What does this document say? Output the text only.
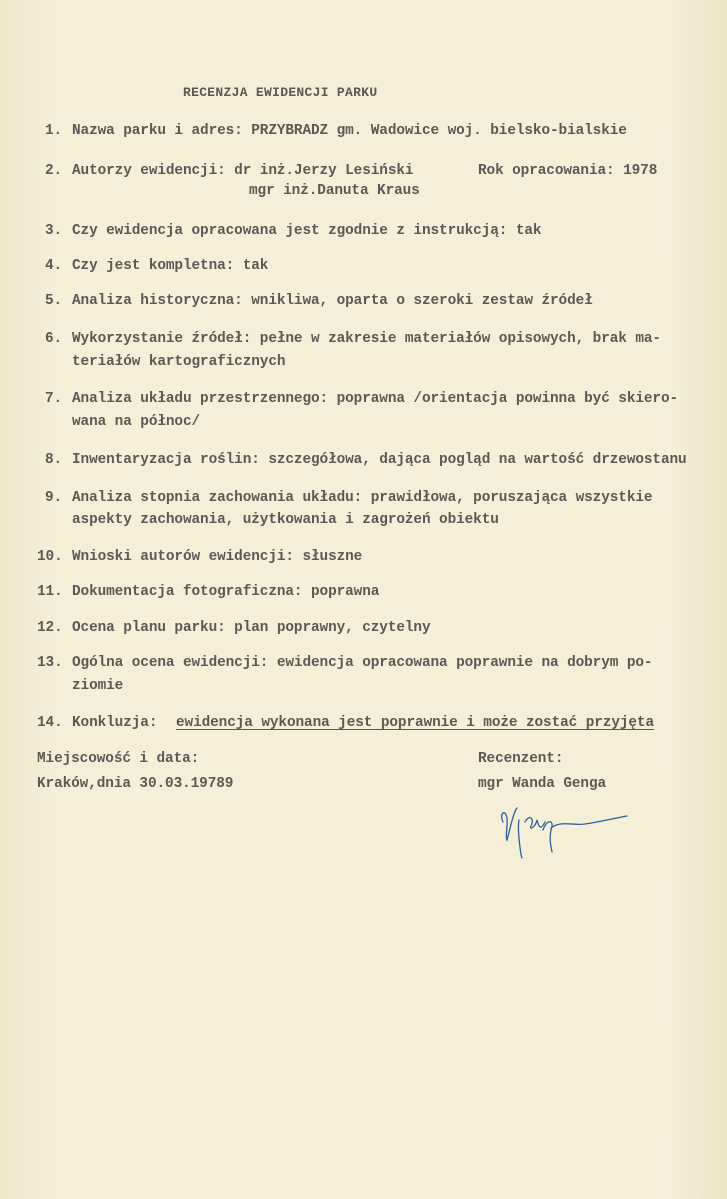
RECENZJA EWIDENCJI PARKU
1. Nazwa parku i adres: PRZYBRADZ gm. Wadowice woj. bielsko-bialskie
2. Autorzy ewidencji: dr inż.Jerzy Lesiński
mgr inż.Danuta Kraus
Rok opracowania: 1978
3. Czy ewidencja opracowana jest zgodnie z instrukcją: tak
4. Czy jest kompletna: tak
5. Analiza historyczna: wnikliwa, oparta o szeroki zestaw źródeł
6. Wykorzystanie źródeł: pełne w zakresie materiałów opisowych, brak ma-
teriałów kartograficznych
7. Analiza układu przestrzennego: poprawna /orientacja powinna być skiero-
wana na północ/
8. Inwentaryzacja roślin: szczegółowa, dająca pogląd na wartość drzewostanu
9. Analiza stopnia zachowania układu: prawidłowa, poruszająca wszystkie
aspekty zachowania, użytkowania i zagrożeń obiektu
10. Wnioski autorów ewidencji: słuszne
11. Dokumentacja fotograficzna: poprawna
12. Ocena planu parku: plan poprawny, czytelny
13. Ogólna ocena ewidencji: ewidencja opracowana poprawnie na dobrym po-
ziomie
14. Konkluzja: ewidencja wykonana jest poprawnie i może zostać przyjęta
Miejscowość i data:
Kraków,dnia 30.03.19789
Recenzent:
mgr Wanda Genga
